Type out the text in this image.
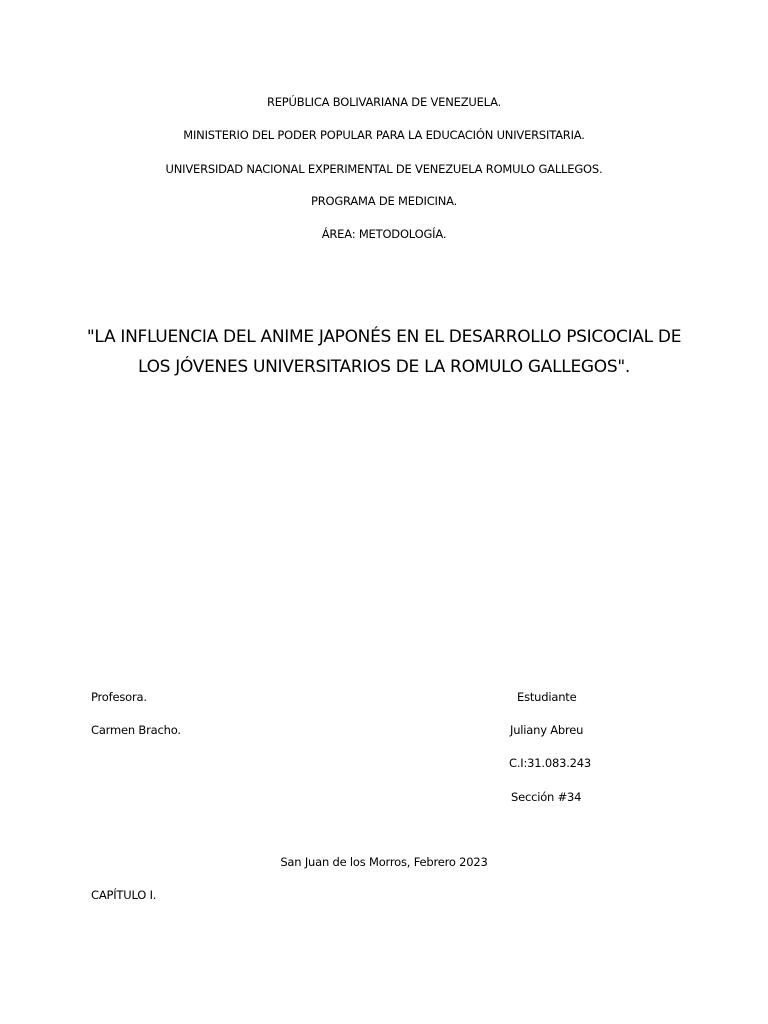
REPÚBLICA BOLIVARIANA DE VENEZUELA.
MINISTERIO DEL PODER POPULAR PARA LA EDUCACIÓN UNIVERSITARIA.
UNIVERSIDAD NACIONAL EXPERIMENTAL DE VENEZUELA ROMULO GALLEGOS.
PROGRAMA DE MEDICINA.
ÁREA: METODOLOGÍA.
"LA INFLUENCIA DEL ANIME JAPONÉS EN EL DESARROLLO PSICOCIAL DE
LOS JÓVENES UNIVERSITARIOS DE LA ROMULO GALLEGOS".
Profesora.
Carmen Bracho.
Estudiante
Juliany Abreu
C.I:31.083.243
Sección #34
San Juan de los Morros, Febrero 2023
CAPÍTULO I.
